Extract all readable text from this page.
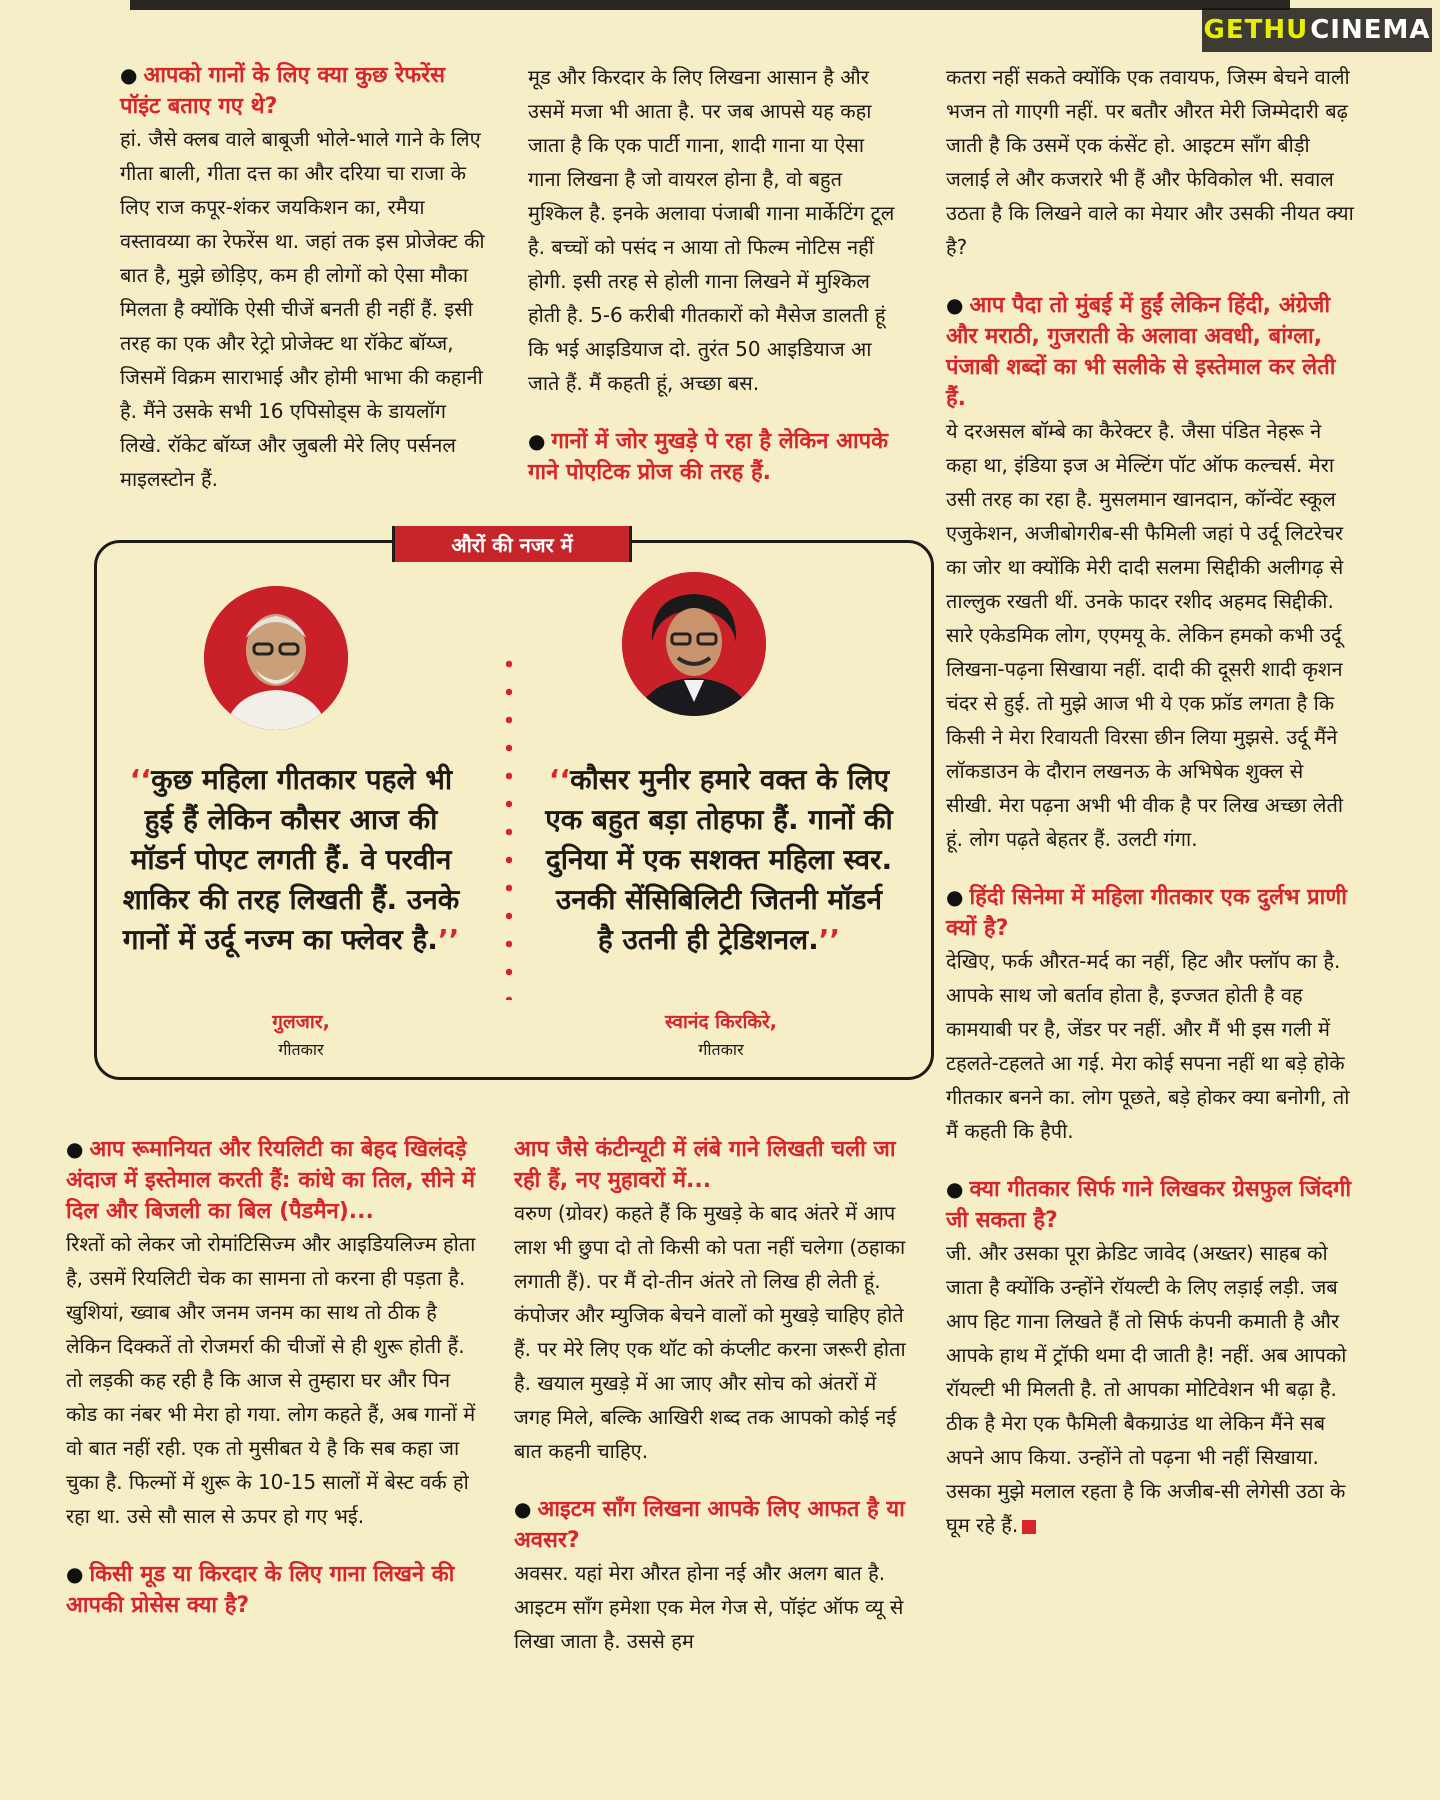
GETHU CINEMA

● आपको गानों के लिए क्या कुछ रेफरेंस पॉइंट बताए गए थे?

हां. जैसे क्लब वाले बाबूजी भोले-भाले गाने के लिए गीता बाली, गीता दत्त का और दरिया चा राजा के लिए राज कपूर-शंकर जयकिशन का, रमैया वस्तावय्या का रेफरेंस था. जहां तक इस प्रोजेक्ट की बात है, मुझे छोड़िए, कम ही लोगों को ऐसा मौका मिलता है क्योंकि ऐसी चीजें बनती ही नहीं हैं. इसी तरह का एक और रेट्रो प्रोजेक्ट था रॉकेट बॉय्ज, जिसमें विक्रम साराभाई और होमी भाभा की कहानी है. मैंने उसके सभी 16 एपिसोड्स के डायलॉग लिखे. रॉकेट बॉय्ज और जुबली मेरे लिए पर्सनल माइलस्टोन हैं.

मूड और किरदार के लिए लिखना आसान है और उसमें मजा भी आता है. पर जब आपसे यह कहा जाता है कि एक पार्टी गाना, शादी गाना या ऐसा गाना लिखना है जो वायरल होना है, वो बहुत मुश्किल है. इनके अलावा पंजाबी गाना मार्केटिंग टूल है. बच्चों को पसंद न आया तो फिल्म नोटिस नहीं होगी. इसी तरह से होली गाना लिखने में मुश्किल होती है. 5-6 करीबी गीतकारों को मैसेज डालती हूं कि भई आइडियाज दो. तुरंत 50 आइडियाज आ जाते हैं. मैं कहती हूं, अच्छा बस.

● गानों में जोर मुखड़े पे रहा है लेकिन आपके गाने पोएटिक प्रोज की तरह हैं.

औरों की नजर में

‘‘कुछ महिला गीतकार पहले भी हुई हैं लेकिन कौसर आज की मॉडर्न पोएट लगती हैं. वे परवीन शाकिर की तरह लिखती हैं. उनके गानों में उर्दू नज्म का फ्लेवर है.’’

गुलजार,
गीतकार

‘‘कौसर मुनीर हमारे वक्त के लिए एक बहुत बड़ा तोहफा हैं. गानों की दुनिया में एक सशक्त महिला स्वर. उनकी सेंसिबिलिटी जितनी मॉडर्न है उतनी ही ट्रेडिशनल.’’

स्वानंद किरकिरे,
गीतकार

● आप रूमानियत और रियलिटी का बेहद खिलंदड़े अंदाज में इस्तेमाल करती हैं: कांधे का तिल, सीने में दिल और बिजली का बिल (पैडमैन)...

रिश्तों को लेकर जो रोमांटिसिज्म और आइडियलिज्म होता है, उसमें रियलिटी चेक का सामना तो करना ही पड़ता है. खुशियां, ख्वाब और जनम जनम का साथ तो ठीक है लेकिन दिक्कतें तो रोजमर्रा की चीजों से ही शुरू होती हैं. तो लड़की कह रही है कि आज से तुम्हारा घर और पिन कोड का नंबर भी मेरा हो गया. लोग कहते हैं, अब गानों में वो बात नहीं रही. एक तो मुसीबत ये है कि सब कहा जा चुका है. फिल्मों में शुरू के 10-15 सालों में बेस्ट वर्क हो रहा था. उसे सौ साल से ऊपर हो गए भई.

● किसी मूड या किरदार के लिए गाना लिखने की आपकी प्रोसेस क्या है?

आप जैसे कंटीन्यूटी में लंबे गाने लिखती चली जा रही हैं, नए मुहावरों में...

वरुण (ग्रोवर) कहते हैं कि मुखड़े के बाद अंतरे में आप लाश भी छुपा दो तो किसी को पता नहीं चलेगा (ठहाका लगाती हैं). पर मैं दो-तीन अंतरे तो लिख ही लेती हूं. कंपोजर और म्युजिक बेचने वालों को मुखड़े चाहिए होते हैं. पर मेरे लिए एक थॉट को कंप्लीट करना जरूरी होता है. खयाल मुखड़े में आ जाए और सोच को अंतरों में जगह मिले, बल्कि आखिरी शब्द तक आपको कोई नई बात कहनी चाहिए.

● आइटम सॉंग लिखना आपके लिए आफत है या अवसर?

अवसर. यहां मेरा औरत होना नई और अलग बात है. आइटम सॉंग हमेशा एक मेल गेज से, पॉइंट ऑफ व्यू से लिखा जाता है. उससे हम

कतरा नहीं सकते क्योंकि एक तवायफ, जिस्म बेचने वाली भजन तो गाएगी नहीं. पर बतौर औरत मेरी जिम्मेदारी बढ़ जाती है कि उसमें एक कंसेंट हो. आइटम सॉंग बीड़ी जलाई ले और कजरारे भी हैं और फेविकोल भी. सवाल उठता है कि लिखने वाले का मेयार और उसकी नीयत क्या है?

● आप पैदा तो मुंबई में हुईं लेकिन हिंदी, अंग्रेजी और मराठी, गुजराती के अलावा अवधी, बांग्ला, पंजाबी शब्दों का भी सलीके से इस्तेमाल कर लेती हैं.

ये दरअसल बॉम्बे का कैरेक्टर है. जैसा पंडित नेहरू ने कहा था, इंडिया इज अ मेल्टिंग पॉट ऑफ कल्चर्स. मेरा उसी तरह का रहा है. मुसलमान खानदान, कॉन्वेंट स्कूल एजुकेशन, अजीबोगरीब-सी फैमिली जहां पे उर्दू लिटरेचर का जोर था क्योंकि मेरी दादी सलमा सिद्दीकी अलीगढ़ से ताल्लुक रखती थीं. उनके फादर रशीद अहमद सिद्दीकी. सारे एकेडमिक लोग, एएमयू के. लेकिन हमको कभी उर्दू लिखना-पढ़ना सिखाया नहीं. दादी की दूसरी शादी कृशन चंदर से हुई. तो मुझे आज भी ये एक फ्रॉड लगता है कि किसी ने मेरा रिवायती विरसा छीन लिया मुझसे. उर्दू मैंने लॉकडाउन के दौरान लखनऊ के अभिषेक शुक्ल से सीखी. मेरा पढ़ना अभी भी वीक है पर लिख अच्छा लेती हूं. लोग पढ़ते बेहतर हैं. उलटी गंगा.

● हिंदी सिनेमा में महिला गीतकार एक दुर्लभ प्राणी क्यों है?

देखिए, फर्क औरत-मर्द का नहीं, हिट और फ्लॉप का है. आपके साथ जो बर्ताव होता है, इज्जत होती है वह कामयाबी पर है, जेंडर पर नहीं. और मैं भी इस गली में टहलते-टहलते आ गई. मेरा कोई सपना नहीं था बड़े होके गीतकार बनने का. लोग पूछते, बड़े होकर क्या बनोगी, तो मैं कहती कि हैपी.

● क्या गीतकार सिर्फ गाने लिखकर ग्रेसफुल जिंदगी जी सकता है?

जी. और उसका पूरा क्रेडिट जावेद (अख्तर) साहब को जाता है क्योंकि उन्होंने रॉयल्टी के लिए लड़ाई लड़ी. जब आप हिट गाना लिखते हैं तो सिर्फ कंपनी कमाती है और आपके हाथ में ट्रॉफी थमा दी जाती है! नहीं. अब आपको रॉयल्टी भी मिलती है. तो आपका मोटिवेशन भी बढ़ा है. ठीक है मेरा एक फैमिली बैकग्राउंड था लेकिन मैंने सब अपने आप किया. उन्होंने तो पढ़ना भी नहीं सिखाया. उसका मुझे मलाल रहता है कि अजीब-सी लेगेसी उठा के घूम रहे हैं.
